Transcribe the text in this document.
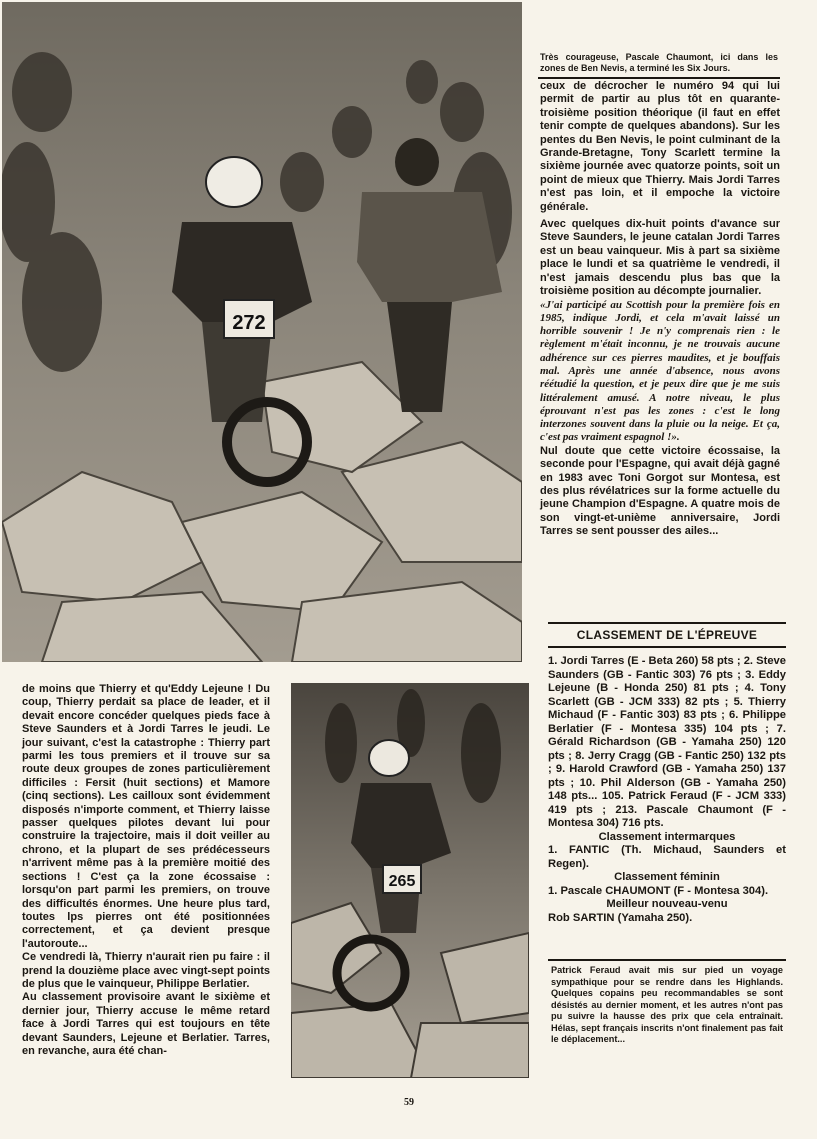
272
Très courageuse, Pascale Chaumont, ici dans les zones de Ben Nevis, a terminé les Six Jours.

ceux de décrocher le numéro 94 qui lui permit de partir au plus tôt en quarante-troisième position théorique (il faut en effet tenir compte de quelques abandons). Sur les pentes du Ben Nevis, le point culminant de la Grande-Bretagne, Tony Scarlett termine la sixième journée avec quatorze points, soit un point de mieux que Thierry. Mais Jordi Tarres n'est pas loin, et il empoche la victoire générale.

Avec quelques dix-huit points d'avance sur Steve Saunders, le jeune catalan Jordi Tarres est un beau vainqueur. Mis à part sa sixième place le lundi et sa quatrième le vendredi, il n'est jamais descendu plus bas que la troisième position au décompte journalier.

«J'ai participé au Scottish pour la première fois en 1985, indique Jordi, et cela m'avait laissé un horrible souvenir ! Je n'y comprenais rien : le règlement m'était inconnu, je ne trouvais aucune adhérence sur ces pierres maudites, et je bouffais mal. Après une année d'absence, nous avons réétudié la question, et je peux dire que je me suis littéralement amusé. A notre niveau, le plus éprouvant n'est pas les zones : c'est le long interzones souvent dans la pluie ou la neige. Et ça, c'est pas vraiment espagnol !».

Nul doute que cette victoire écossaise, la seconde pour l'Espagne, qui avait déjà gagné en 1983 avec Toni Gorgot sur Montesa, est des plus révélatrices sur la forme actuelle du jeune Champion d'Espagne. A quatre mois de son vingt-et-unième anniversaire, Jordi Tarres se sent pousser des ailes...

CLASSEMENT DE L'ÉPREUVE

1. Jordi Tarres (E - Beta 260) 58 pts ; 2. Steve Saunders (GB - Fantic 303) 76 pts ; 3. Eddy Lejeune (B - Honda 250) 81 pts ; 4. Tony Scarlett (GB - JCM 333) 82 pts ; 5. Thierry Michaud (F - Fantic 303) 83 pts ; 6. Philippe Berlatier (F - Montesa 335) 104 pts ; 7. Gérald Richardson (GB - Yamaha 250) 120 pts ; 8. Jerry Cragg (GB - Fantic 250) 132 pts ; 9. Harold Crawford (GB - Yamaha 250) 137 pts ; 10. Phil Alderson (GB - Yamaha 250) 148 pts... 105. Patrick Feraud (F - JCM 333) 419 pts ; 213. Pascale Chaumont (F - Montesa 304) 716 pts.

Classement intermarques

1. FANTIC (Th. Michaud, Saunders et Regen).

Classement féminin

1. Pascale CHAUMONT (F - Montesa 304).

Meilleur nouveau-venu

Rob SARTIN (Yamaha 250).

Patrick Feraud avait mis sur pied un voyage sympathique pour se rendre dans les Highlands. Quelques copains peu recommandables se sont désistés au dernier moment, et les autres n'ont pas pu suivre la hausse des prix que cela entraînait. Hélas, sept français inscrits n'ont finalement pas fait le déplacement...

de moins que Thierry et qu'Eddy Lejeune ! Du coup, Thierry perdait sa place de leader, et il devait encore concéder quelques pieds face à Steve Saunders et à Jordi Tarres le jeudi. Le jour suivant, c'est la catastrophe : Thierry part parmi les tous premiers et il trouve sur sa route deux groupes de zones particulièrement difficiles : Fersit (huit sections) et Mamore (cinq sections). Les cailloux sont évidemment disposés n'importe comment, et Thierry laisse passer quelques pilotes devant lui pour construire la trajectoire, mais il doit veiller au chrono, et la plupart de ses prédécesseurs n'arrivent même pas à la première moitié des sections ! C'est ça la zone écossaise : lorsqu'on part parmi les premiers, on trouve des difficultés énormes. Une heure plus tard, toutes lps pierres ont été positionnées correctement, et ça devient presque l'autoroute...

Ce vendredi là, Thierry n'aurait rien pu faire : il prend la douzième place avec vingt-sept points de plus que le vainqueur, Philippe Berlatier.

Au classement provisoire avant le sixième et dernier jour, Thierry accuse le même retard face à Jordi Tarres qui est toujours en tête devant Saunders, Lejeune et Berlatier. Tarres, en revanche, aura été chan-

265
59
